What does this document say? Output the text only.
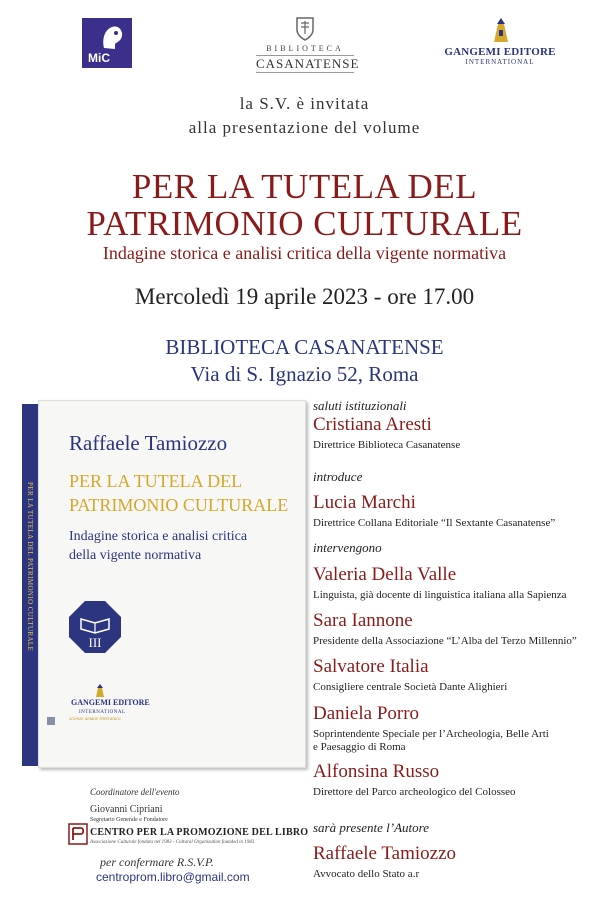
MiC
BIBLIOTECA
CASANATENSE
GANGEMI EDITORE
INTERNATIONAL
la S.V. è invitata
alla presentazione del volume
PER LA TUTELA DEL
PATRIMONIO CULTURALE
Indagine storica e analisi critica della vigente normativa
Mercoledì 19 aprile 2023 - ore 17.00
BIBLIOTECA CASANATENSE
Via di S. Ignazio 52, Roma
PER LA TUTELA DEL PATRIMONIO CULTURALE
Raffaele Tamiozzo
PER LA TUTELA DEL
PATRIMONIO CULTURALE
Indagine storica e analisi critica
della vigente normativa
III
GANGEMI EDITORE
INTERNATIONAL
scienze umane letteratura
saluti istituzionali
Cristiana Aresti
Direttrice Biblioteca Casanatense
introduce
Lucia Marchi
Direttrice Collana Editoriale “Il Sextante Casanatense”
intervengono
Valeria Della Valle
Linguista, già docente di linguistica italiana alla Sapienza
Sara Iannone
Presidente della Associazione “L’Alba del Terzo Millennio”
Salvatore Italia
Consigliere centrale Società Dante Alighieri
Daniela Porro
Soprintendente Speciale per l’Archeologia, Belle Arti
e Paesaggio di Roma
Alfonsina Russo
Direttore del Parco archeologico del Colosseo
sarà presente l’Autore
Raffaele Tamiozzo
Avvocato dello Stato a.r
Coordinatore dell'evento
Giovanni Cipriani
Segretario Generale e Fondatore
CENTRO PER LA PROMOZIONE DEL LIBRO
Associazione Culturale fondata nel 1983 - Cultural Organization founded in 1983
per confermare R.S.V.P.
centroprom.libro@gmail.com
